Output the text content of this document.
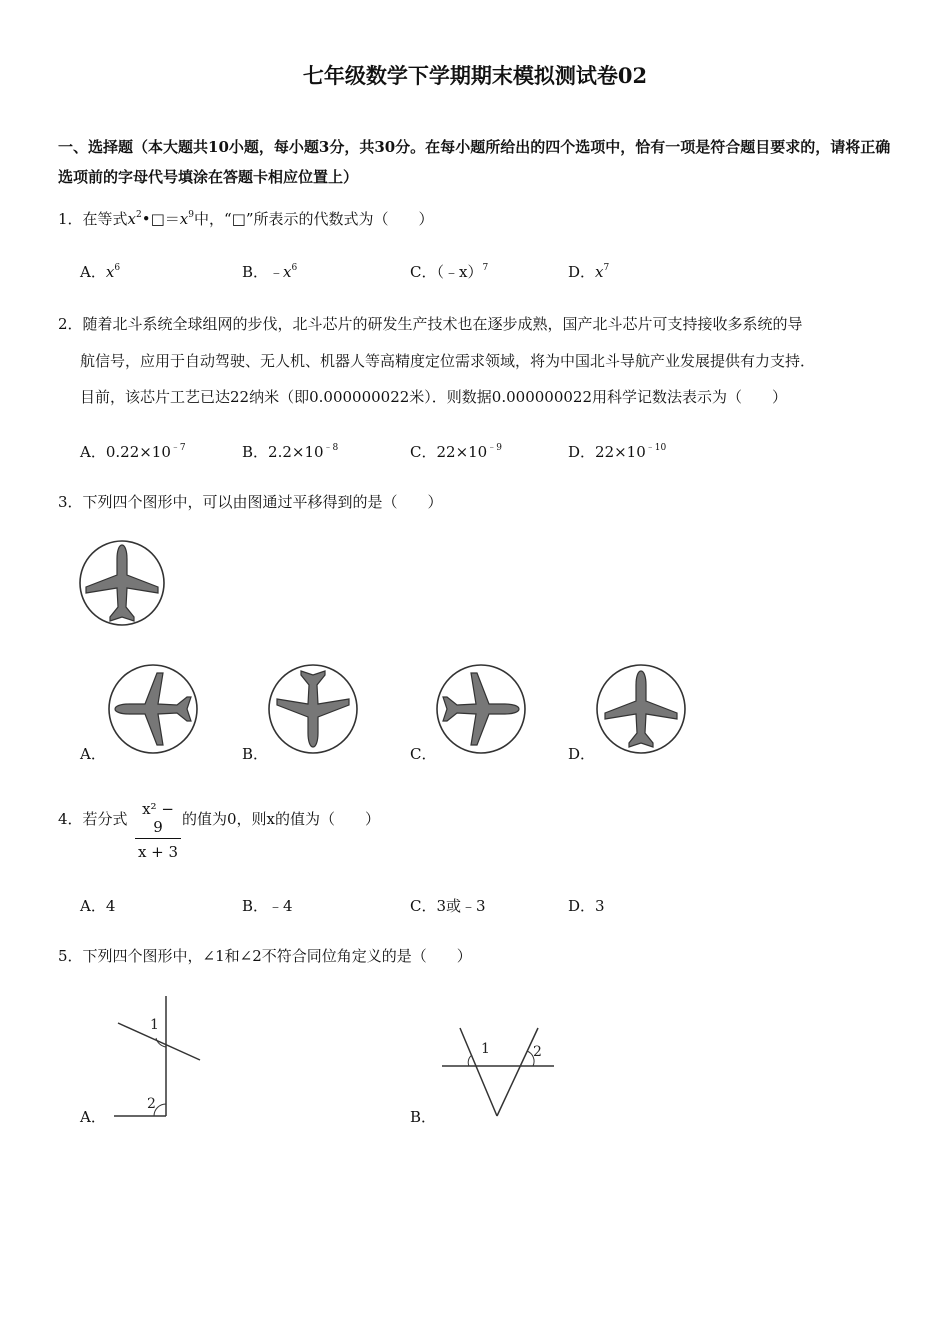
七年级数学下学期期末模拟测试卷02
一、选择题（本大题共10小题，每小题3分，共30分。在每小题所给出的四个选项中，恰有一项是符合题目要求的，请将正确选项前的字母代号填涂在答题卡相应位置上）
1．在等式$x^2•□=x^9$中，“□”所表示的代数式为（　　）
A．$x^6$	B．$﹣x^6$	C．（﹣x）$^7$	D．$x^7$
2．随着北斗系统全球组网的步伐，北斗芯片的研发生产技术也在逐步成熟，国产北斗芯片可支持接收多系统的导
航信号，应用于自动驾驶、无人机、机器人等高精度定位需求领域，将为中国北斗导航产业发展提供有力支持．
目前，该芯片工艺已达22纳米（即0.000000022米）．则数据0.000000022用科学记数法表示为（　　）
A．$0.22\times 10^{﹣7}$	B．$2.2\times 10^{﹣8}$	C．$22\times 10^{﹣9}$	D．$22\times 10^{﹣10}$
3．下列四个图形中，可以由图通过平移得到的是（　　）
A．	B．	C．	D．
4．若分式 $\frac{\text{x² − 9}}{x + 3}$ 的值为0，则x的值为（　　）
A．4	B．﹣4	C．3或﹣3	D．3
5．下列四个图形中，∠1和∠2不符合同位角定义的是（　　）
1
2
A．
1	2
B．
